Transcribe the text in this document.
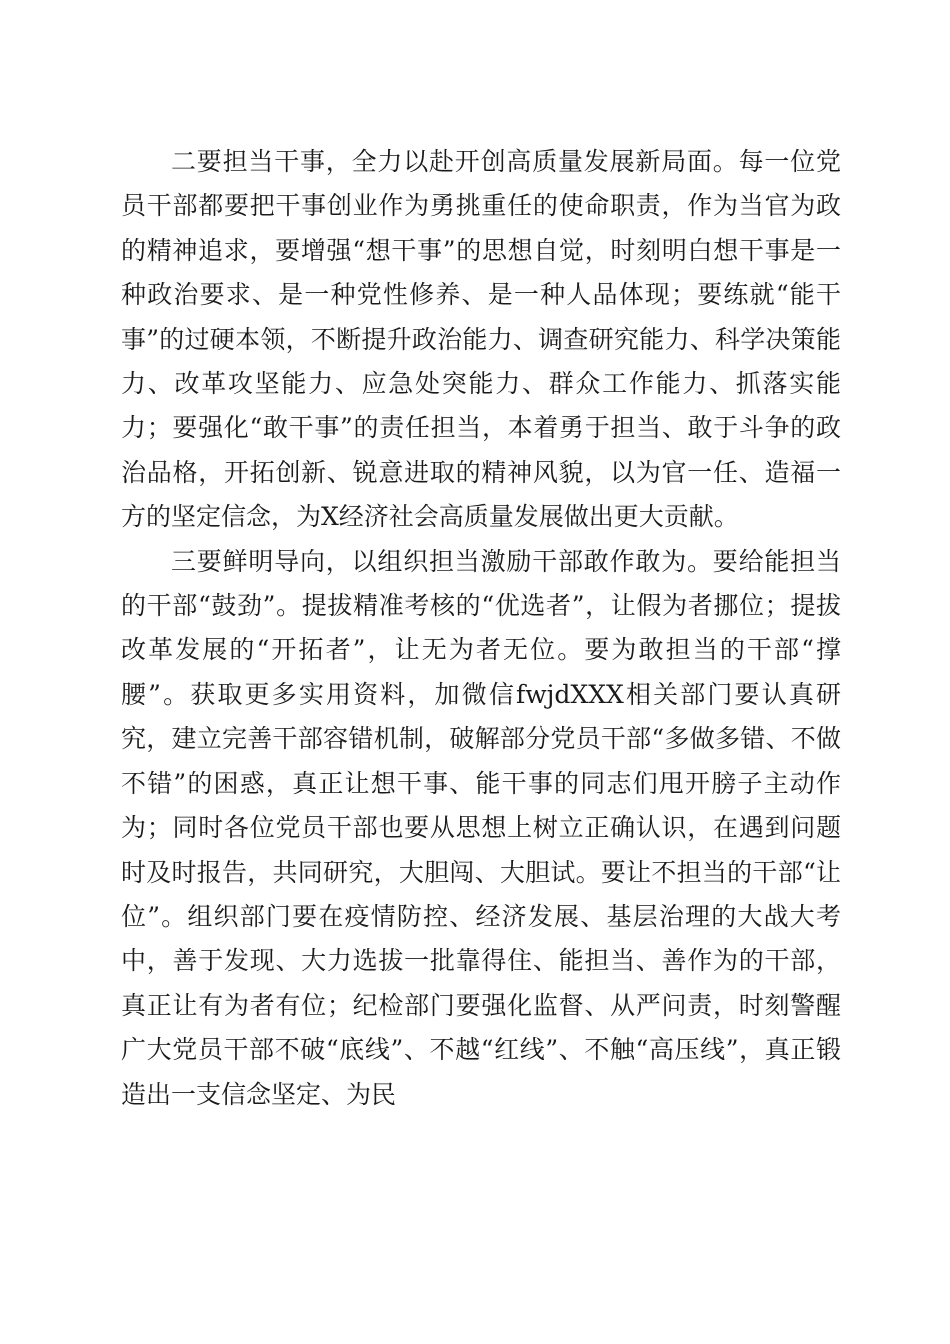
二要担当干事，全力以赴开创高质量发展新局面。每一位党员干部都要把干事创业作为勇挑重任的使命职责，作为当官为政的精神追求，要增强“想干事”的思想自觉，时刻明白想干事是一种政治要求、是一种党性修养、是一种人品体现；要练就“能干事”的过硬本领，不断提升政治能力、调查研究能力、科学决策能力、改革攻坚能力、应急处突能力、群众工作能力、抓落实能力；要强化“敢干事”的责任担当，本着勇于担当、敢于斗争的政治品格，开拓创新、锐意进取的精神风貌，以为官一任、造福一方的坚定信念，为X经济社会高质量发展做出更大贡献。

三要鲜明导向，以组织担当激励干部敢作敢为。要给能担当的干部“鼓劲”。提拔精准考核的“优选者”，让假为者挪位；提拔改革发展的“开拓者”，让无为者无位。要为敢担当的干部“撑腰”。获取更多实用资料，加微信fwjdXXX相关部门要认真研究，建立完善干部容错机制，破解部分党员干部“多做多错、不做不错”的困惑，真正让想干事、能干事的同志们甩开膀子主动作为；同时各位党员干部也要从思想上树立正确认识，在遇到问题时及时报告，共同研究，大胆闯、大胆试。要让不担当的干部“让位”。组织部门要在疫情防控、经济发展、基层治理的大战大考中，善于发现、大力选拔一批靠得住、能担当、善作为的干部，真正让有为者有位；纪检部门要强化监督、从严问责，时刻警醒广大党员干部不破“底线”、不越“红线”、不触“高压线”，真正锻造出一支信念坚定、为民
